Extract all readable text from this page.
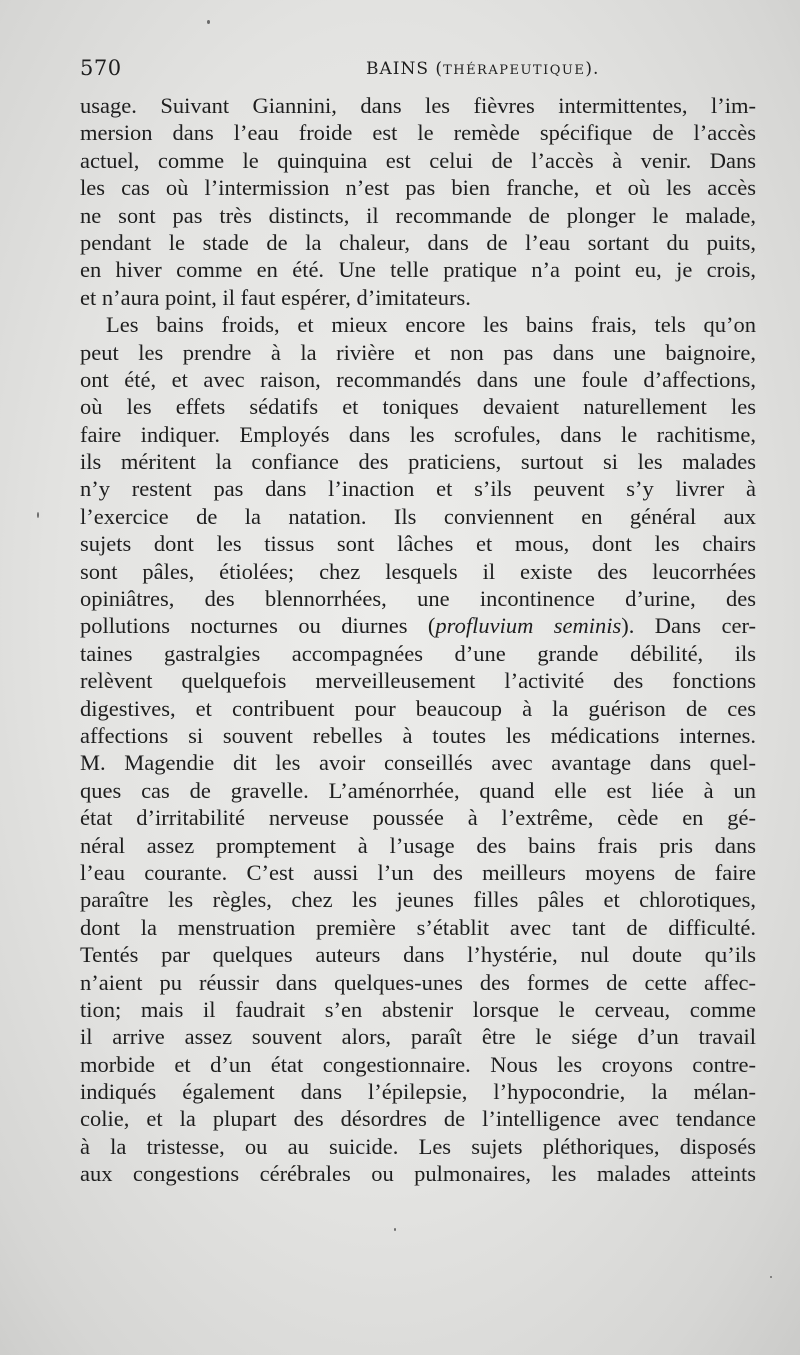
570	BAINS (THÉRAPEUTIQUE).
usage. Suivant Giannini, dans les fièvres intermittentes, l’im-
mersion dans l’eau froide est le remède spécifique de l’accès
actuel, comme le quinquina est celui de l’accès à venir. Dans
les cas où l’intermission n’est pas bien franche, et où les accès
ne sont pas très distincts, il recommande de plonger le malade,
pendant le stade de la chaleur, dans de l’eau sortant du puits,
en hiver comme en été. Une telle pratique n’a point eu, je crois,
et n’aura point, il faut espérer, d’imitateurs.
Les bains froids, et mieux encore les bains frais, tels qu’on
peut les prendre à la rivière et non pas dans une baignoire,
ont été, et avec raison, recommandés dans une foule d’affections,
où les effets sédatifs et toniques devaient naturellement les
faire indiquer. Employés dans les scrofules, dans le rachitisme,
ils méritent la confiance des praticiens, surtout si les malades
n’y restent pas dans l’inaction et s’ils peuvent s’y livrer à
l’exercice de la natation. Ils conviennent en général aux
sujets dont les tissus sont lâches et mous, dont les chairs
sont pâles, étiolées; chez lesquels il existe des leucorrhées
opiniâtres, des blennorrhées, une incontinence d’urine, des
pollutions nocturnes ou diurnes (profluvium seminis). Dans cer-
taines gastralgies accompagnées d’une grande débilité, ils
relèvent quelquefois merveilleusement l’activité des fonctions
digestives, et contribuent pour beaucoup à la guérison de ces
affections si souvent rebelles à toutes les médications internes.
M. Magendie dit les avoir conseillés avec avantage dans quel-
ques cas de gravelle. L’aménorrhée, quand elle est liée à un
état d’irritabilité nerveuse poussée à l’extrême, cède en gé-
néral assez promptement à l’usage des bains frais pris dans
l’eau courante. C’est aussi l’un des meilleurs moyens de faire
paraître les règles, chez les jeunes filles pâles et chlorotiques,
dont la menstruation première s’établit avec tant de difficulté.
Tentés par quelques auteurs dans l’hystérie, nul doute qu’ils
n’aient pu réussir dans quelques-unes des formes de cette affec-
tion; mais il faudrait s’en abstenir lorsque le cerveau, comme
il arrive assez souvent alors, paraît être le siége d’un travail
morbide et d’un état congestionnaire. Nous les croyons contre-
indiqués également dans l’épilepsie, l’hypocondrie, la mélan-
colie, et la plupart des désordres de l’intelligence avec tendance
à la tristesse, ou au suicide. Les sujets pléthoriques, disposés
aux congestions cérébrales ou pulmonaires, les malades atteints
